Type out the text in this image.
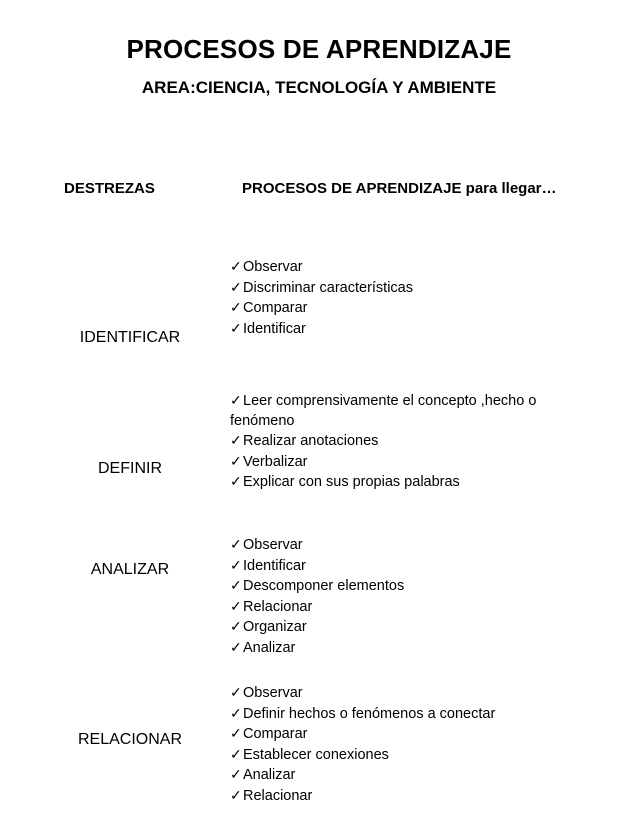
PROCESOS DE APRENDIZAJE
AREA:CIENCIA, TECNOLOGÍA Y AMBIENTE
DESTREZAS	PROCESOS DE APRENDIZAJE para llegar…
IDENTIFICAR
✓Observar
✓Discriminar características
✓Comparar
✓Identificar
DEFINIR
✓Leer comprensivamente el concepto ,hecho o fenómeno
✓Realizar anotaciones
✓Verbalizar
✓Explicar con sus propias palabras
ANALIZAR
✓Observar
✓Identificar
✓Descomponer elementos
✓Relacionar
✓Organizar
✓Analizar
RELACIONAR
✓Observar
✓Definir hechos o fenómenos a conectar
✓Comparar
✓Establecer conexiones
✓Analizar
✓Relacionar
